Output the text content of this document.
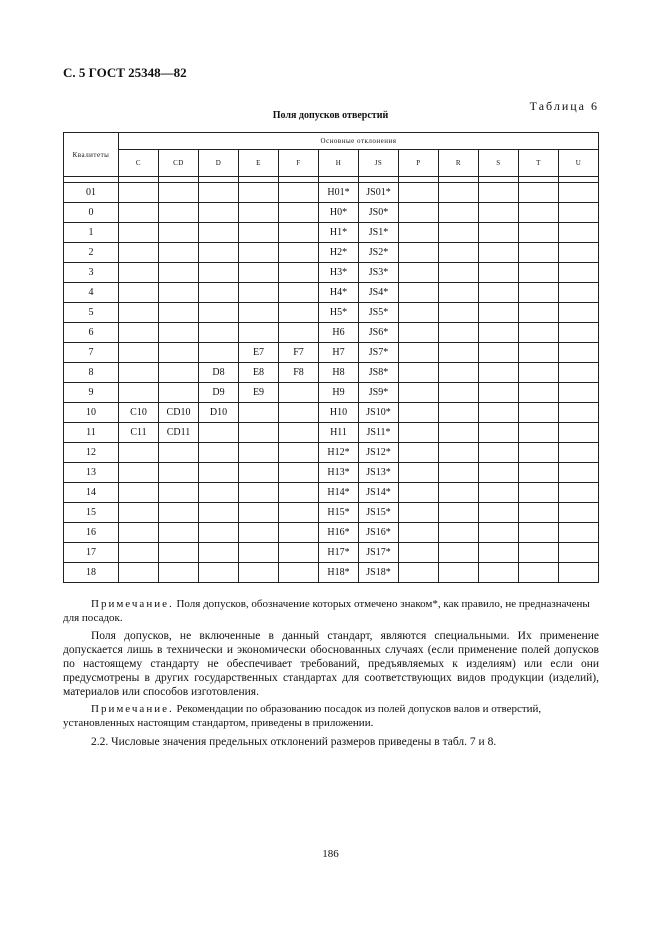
С. 5 ГОСТ 25348—82
Таблица 6
Поля допусков отверстий
Квалитеты	Основные отклонения											
	C	CD	D	E	F	H	JS	P	R	S	T	U

01						H01*	JS01*					
0						H0*	JS0*					
1						H1*	JS1*					
2						H2*	JS2*					
3						H3*	JS3*					
4						H4*	JS4*					
5						H5*	JS5*					
6						H6	JS6*					
7				E7	F7	H7	JS7*					
8			D8	E8	F8	H8	JS8*					
9			D9	E9		H9	JS9*					
10	C10	CD10	D10			H10	JS10*					
11	C11	CD11				H11	JS11*					
12						H12*	JS12*					
13						H13*	JS13*					
14						H14*	JS14*					
15						H15*	JS15*					
16						H16*	JS16*					
17						H17*	JS17*					
18						H18*	JS18*					
Примечание. Поля допусков, обозначение которых отмечено знаком*, как правило, не предназначены для посадок.
Поля допусков, не включенные в данный стандарт, являются специальными. Их применение допускается лишь в технически и экономически обоснованных случаях (если применение полей допусков по настоящему стандарту не обеспечивает требований, предъявляемых к изделиям) или если они предусмотрены в других государственных стандартах для соответствующих видов продукции (изделий), материалов или способов изготовления.
Примечание. Рекомендации по образованию посадок из полей допусков валов и отверстий, установленных настоящим стандартом, приведены в приложении.
2.2. Числовые значения предельных отклонений размеров приведены в табл. 7 и 8.
186
